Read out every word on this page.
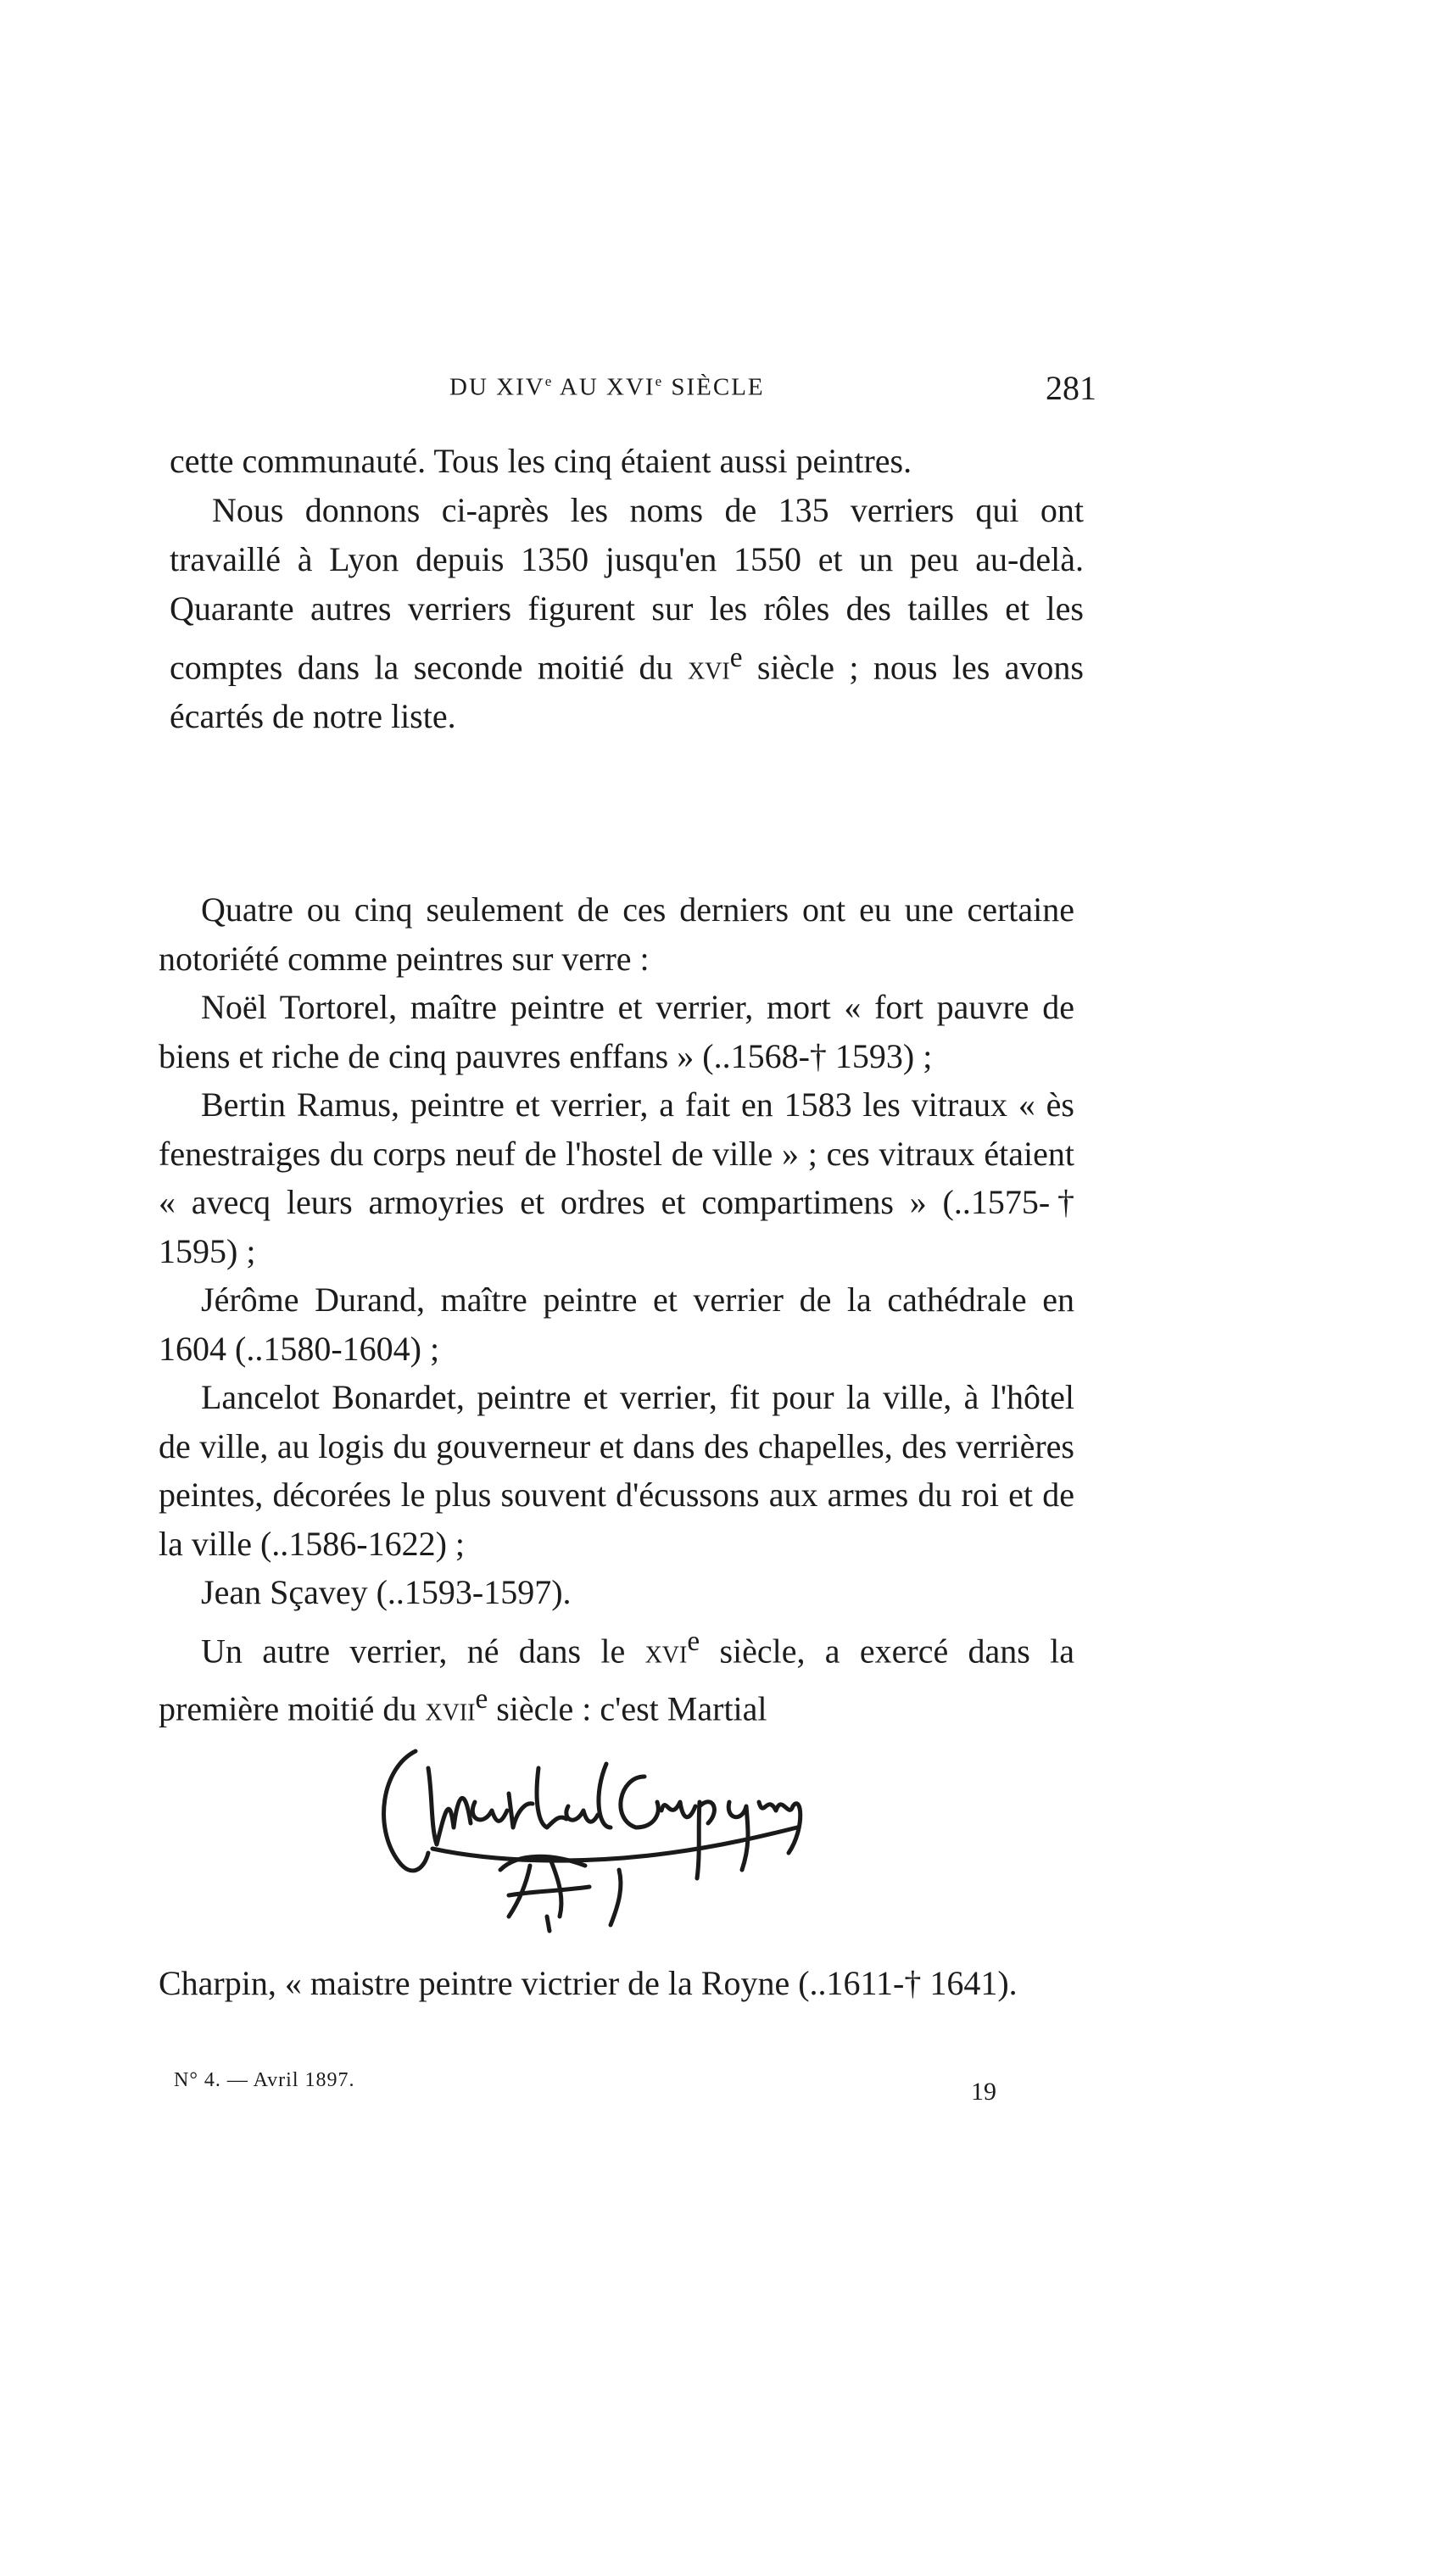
DU XIVe AU XVIe SIÈCLE	281

cette communauté. Tous les cinq étaient aussi peintres.

Nous donnons ci-après les noms de 135 verriers qui ont travaillé à Lyon depuis 1350 jusqu'en 1550 et un peu au-delà. Quarante autres verriers figurent sur les rôles des tailles et les comptes dans la seconde moitié du xvi$^e$ siècle ; nous les avons écartés de notre liste.

Quatre ou cinq seulement de ces derniers ont eu une certaine notoriété comme peintres sur verre :

Noël Tortorel, maître peintre et verrier, mort « fort pauvre de biens et riche de cinq pauvres enffans » (..1568-† 1593) ;

Bertin Ramus, peintre et verrier, a fait en 1583 les vitraux « ès fenestraiges du corps neuf de l'hostel de ville » ; ces vitraux étaient « avecq leurs armoyries et ordres et compartimens » (..1575-† 1595) ;

Jérôme Durand, maître peintre et verrier de la cathédrale en 1604 (..1580-1604) ;

Lancelot Bonardet, peintre et verrier, fit pour la ville, à l'hôtel de ville, au logis du gouverneur et dans des chapelles, des verrières peintes, décorées le plus souvent d'écussons aux armes du roi et de la ville (..1586-1622) ;

Jean Sçavey (..1593-1597).

Un autre verrier, né dans le xvi$^e$ siècle, a exercé dans la première moitié du xvii$^e$ siècle : c'est Martial

Charpin, « maistre peintre victrier de la Royne (..1611-† 1641).

N° 4. — Avril 1897.	19
